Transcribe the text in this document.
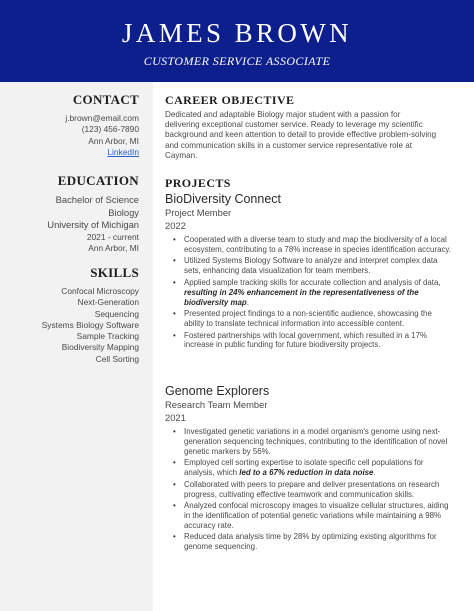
JAMES BROWN
CUSTOMER SERVICE ASSOCIATE
CONTACT
j.brown@email.com
(123) 456-7890
Ann Arbor, MI
LinkedIn
EDUCATION
Bachelor of Science
Biology
University of Michigan
2021 - current
Ann Arbor, MI
SKILLS
Confocal Microscopy
Next-Generation
Sequencing
Systems Biology Software
Sample Tracking
Biodiversity Mapping
Cell Sorting
CAREER OBJECTIVE
Dedicated and adaptable Biology major student with a passion for delivering exceptional customer service. Ready to leverage my scientific background and keen attention to detail to provide effective problem-solving and communication skills in a customer service representative role at Cayman.
PROJECTS
BioDiversity Connect
Project Member
2022
• Cooperated with a diverse team to study and map the biodiversity of a local ecosystem, contributing to a 78% increase in species identification accuracy.
• Utilized Systems Biology Software to analyze and interpret complex data sets, enhancing data visualization for team members.
• Applied sample tracking skills for accurate collection and analysis of data, resulting in 24% enhancement in the representativeness of the biodiversity map.
• Presented project findings to a non-scientific audience, showcasing the ability to translate technical information into accessible content.
• Fostered partnerships with local government, which resulted in a 17% increase in public funding for future biodiversity projects.
Genome Explorers
Research Team Member
2021
• Investigated genetic variations in a model organism's genome using next-generation sequencing techniques, contributing to the identification of novel genetic markers by 56%.
• Employed cell sorting expertise to isolate specific cell populations for analysis, which led to a 67% reduction in data noise.
• Collaborated with peers to prepare and deliver presentations on research progress, cultivating effective teamwork and communication skills.
• Analyzed confocal microscopy images to visualize cellular structures, aiding in the identification of potential genetic variations while maintaining a 98% accuracy rate.
• Reduced data analysis time by 28% by optimizing existing algorithms for genome sequencing.
